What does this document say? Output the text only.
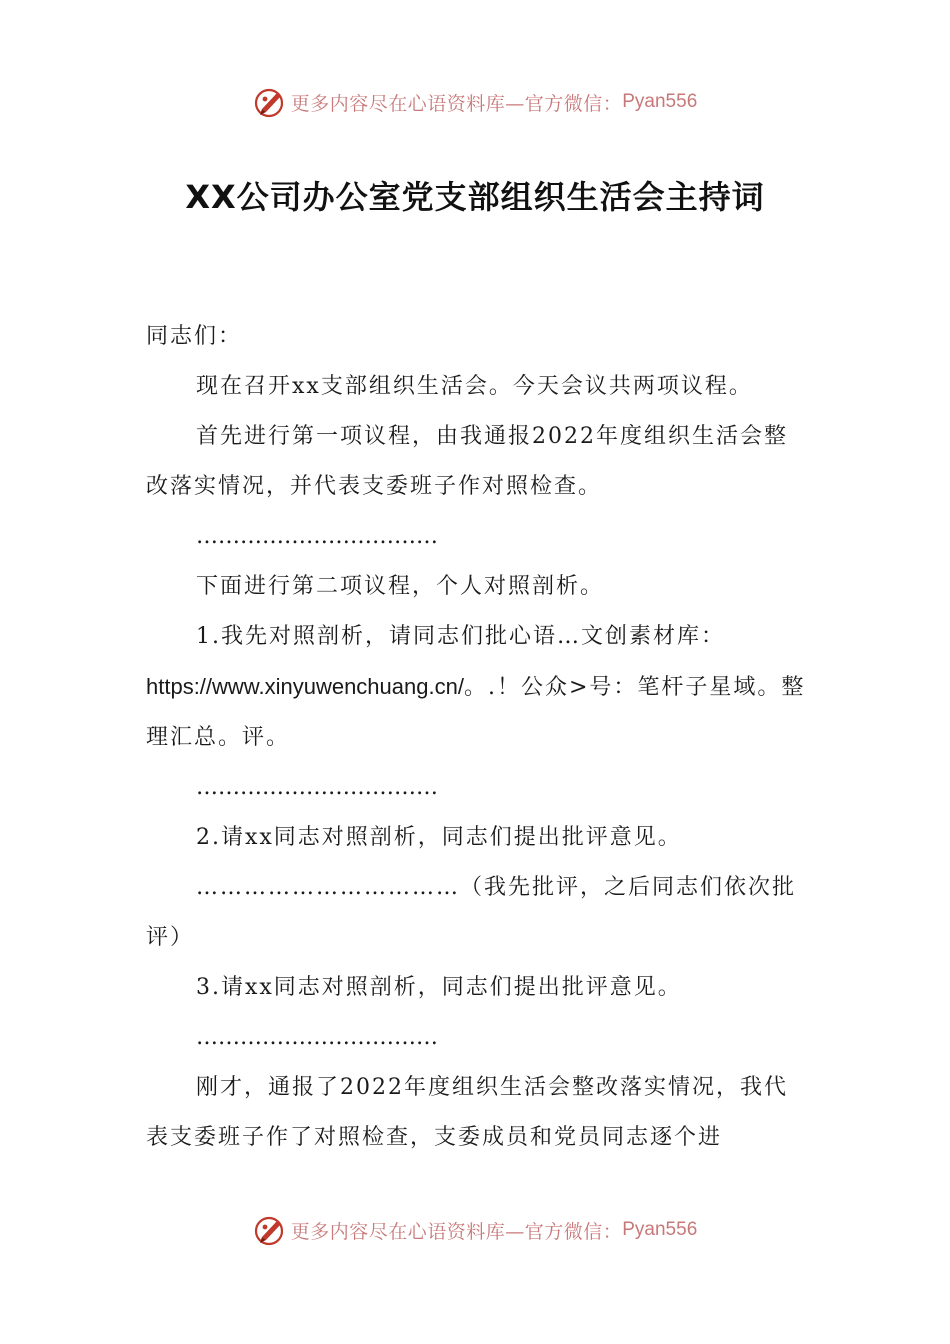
更多内容尽在心语资料库—官方微信： Pyan556
XX公司办公室党支部组织生活会主持词

同志们：

现在召开xx支部组织生活会。今天会议共两项议程。

首先进行第一项议程，由我通报2022年度组织生活会整改落实情况，并代表支委班子作对照检查。

……………………………

下面进行第二项议程，个人对照剖析。

1.我先对照剖析，请同志们批心语…文创素材库：https://www.xinyuwenchuang.cn/。.！公众>号：笔杆子星域。整理汇总。评。

……………………………

2.请xx同志对照剖析，同志们提出批评意见。

……………………………（我先批评，之后同志们依次批评）

3.请xx同志对照剖析，同志们提出批评意见。

……………………………

刚才，通报了2022年度组织生活会整改落实情况，我代表支委班子作了对照检查，支委成员和党员同志逐个进

更多内容尽在心语资料库—官方微信： Pyan556
